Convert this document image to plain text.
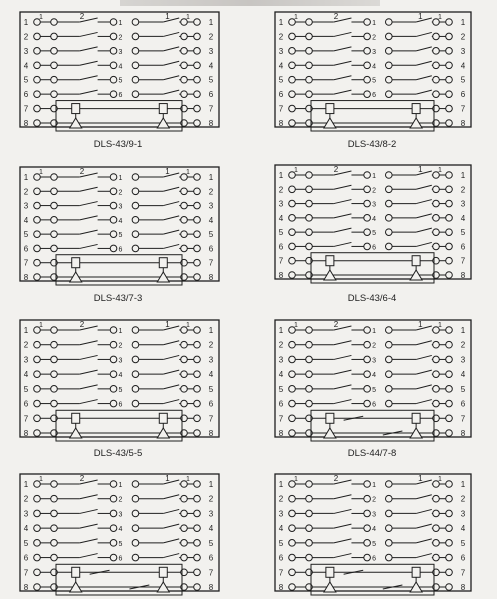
1	2	1 1
1	1	1
2	2	2
3	3	3
4	4	4
5	5	5
6	6	6
7	7
8	8
DLS-43/9-1
1	2	1 1
1	1	1
2	2	2
3	3	3
4	4	4
5	5	5
6	6	6
7	7
8	8
DLS-43/8-2
1	2	1 1
1	1	1
2	2	2
3	3	3
4	4	4
5	5	5
6	6	6
7	7
8	8
DLS-43/7-3
1	2	1 1
1	1	1
2	2	2
3	3	3
4	4	4
5	5	5
6	6	6
7	7
8	8
DLS-43/6-4
1	2	1 1
1	1	1
2	2	2
3	3	3
4	4	4
5	5	5
6	6	6
7	7
8	8
DLS-43/5-5
1	2	1 1
1	1	1
2	2	2
3	3	3
4	4	4
5	5	5
6	6	6
7	7
8	8
DLS-44/7-8
1	2	1 1
1	1	1
2	2	2
3	3	3
4	4	4
5	5	5
6	6	6
7	7
8	8
1	2	1 1
1	1	1
2	2	2
3	3	3
4	4	4
5	5	5
6	6	6
7	7
8	8
